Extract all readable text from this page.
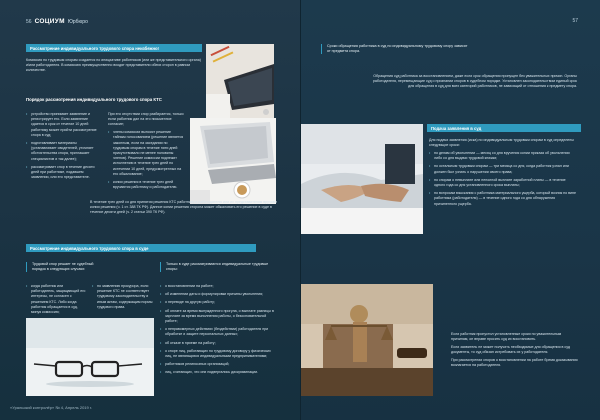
56 СОЦИУМ Юрбюро
Рассмотрение индивидуального трудового спора неизбежно!

Комиссия по трудовым спорам создается по инициативе работников (или же представительного органа) и/или работодателя. В комиссию преимущественно входят представители обеих сторон в равном количестве.

Порядок рассмотрения индивидуального трудового спора КТС
• устройство принимает заявление и регистрирует его. Если заявление сдается в срок от течение 10 дней работнику может прийти рассмотрение спора в суд;
• подготавливает материалы (устанавливает свидетелей, уточняет обстоятельства спора, приглашает специалистов и так далее);
• рассматривает спор в течение десяти дней при работнике, подавшем заявлении, или его представителе.

При его отсутствии спор разбирается, только если работник дал на это письменное согласие;

• члены комиссии выносят решение тайным голосованием (решение является законным, если на заседании по трудовым спорам в течение пяти дней присутствовало не менее половины членов). Решение комиссии подлежит исполнению в течение трех дней по истечении 10 дней, предусмотренных на его обжалование;
• копии решения в течение трех дней вручаются работнику и работодателю.

В течение трех дней со дня принятия решения КТС работнику и работодателю или их представителям вручают копии решения (ч. 1 ст. 388 ТК РФ). Данное копии решения сторона может обжаловать его решение в суде в течение десяти дней (ч. 2 статьи 390 ТК РФ).

Рассмотрение индивидуального трудового спора в суде
Трудовой спор решает не судебный порядок в следующих случаях:
• когда работник или работодатель, защищающий его интересы, не согласен с решением КТС. Либо когда работник обращается в суд, минуя комиссию;
• по заявлению прокурора, если решение КТС не соответствует трудовому законодательству и иным актам, содержащим нормы трудового права.
Только в суде рассматриваются индивидуальные трудовые споры:
• о восстановлении на работе;
• об изменении даты и формулировки причины увольнения;
• о переводе на другую работу;
• об оплате за время вынужденного прогула, о выплате разницы в зарплате за время выполнения работы, о безосновательной работе;
• о неправомерных действиях (бездействии) работодателя при обработке и защите персональных данных;
• об отказе в приеме на работу;
• о споре лиц, работающих по трудовому договору у физических лиц, не являющихся индивидуальными предпринимателями;
• работников религиозных организаций;
• лиц, считающих, что они подвергались дискриминации.
«Уральский контролёр» № 4, Апрель 2019 г.
57
Сроки обращения работника в суд по индивидуальному трудовому спору зависят от предмета спора.

Обращения суд работника за восстановлением, даже если срок обращения пропущен без уважительных причин. Органы работодателя, перемещающие суд о признании споров в судебном порядке. Установлен законодательством единый срок для обращения в суд для всех категорий работников, не зависящий от отношения к предмету спора.

Подача заявления в суд

Для подачи заявления (иска) по индивидуальным трудовым спорам в суд определены следующие сроки:

• по делам об увольнении — месяц со дня вручения копии приказа об увольнении либо со дня выдачи трудовой книжки;
• по остальным трудовым спорам — три месяца со дня, когда работник узнал или должен был узнать о нарушении своего права;
• по спорам о невыплате или неполной выплате заработной платы — в течение одного года со дня установленного срока выплаты;
• по вопросам взыскания с работника материального ущерба, который возник по вине работника (работодателя) — в течение одного года со дня обнаружения причиненного ущерба.

Если работник пропустил установленные сроки по уважительным причинам, он вправе просить суд их восстановить.

Если заявитель не может получить необходимые для обращения в суд документы, то суд обязан истребовать их у работодателя.

При рассмотрении споров о восстановлении на работе бремя доказывания возлагается на работодателя.
